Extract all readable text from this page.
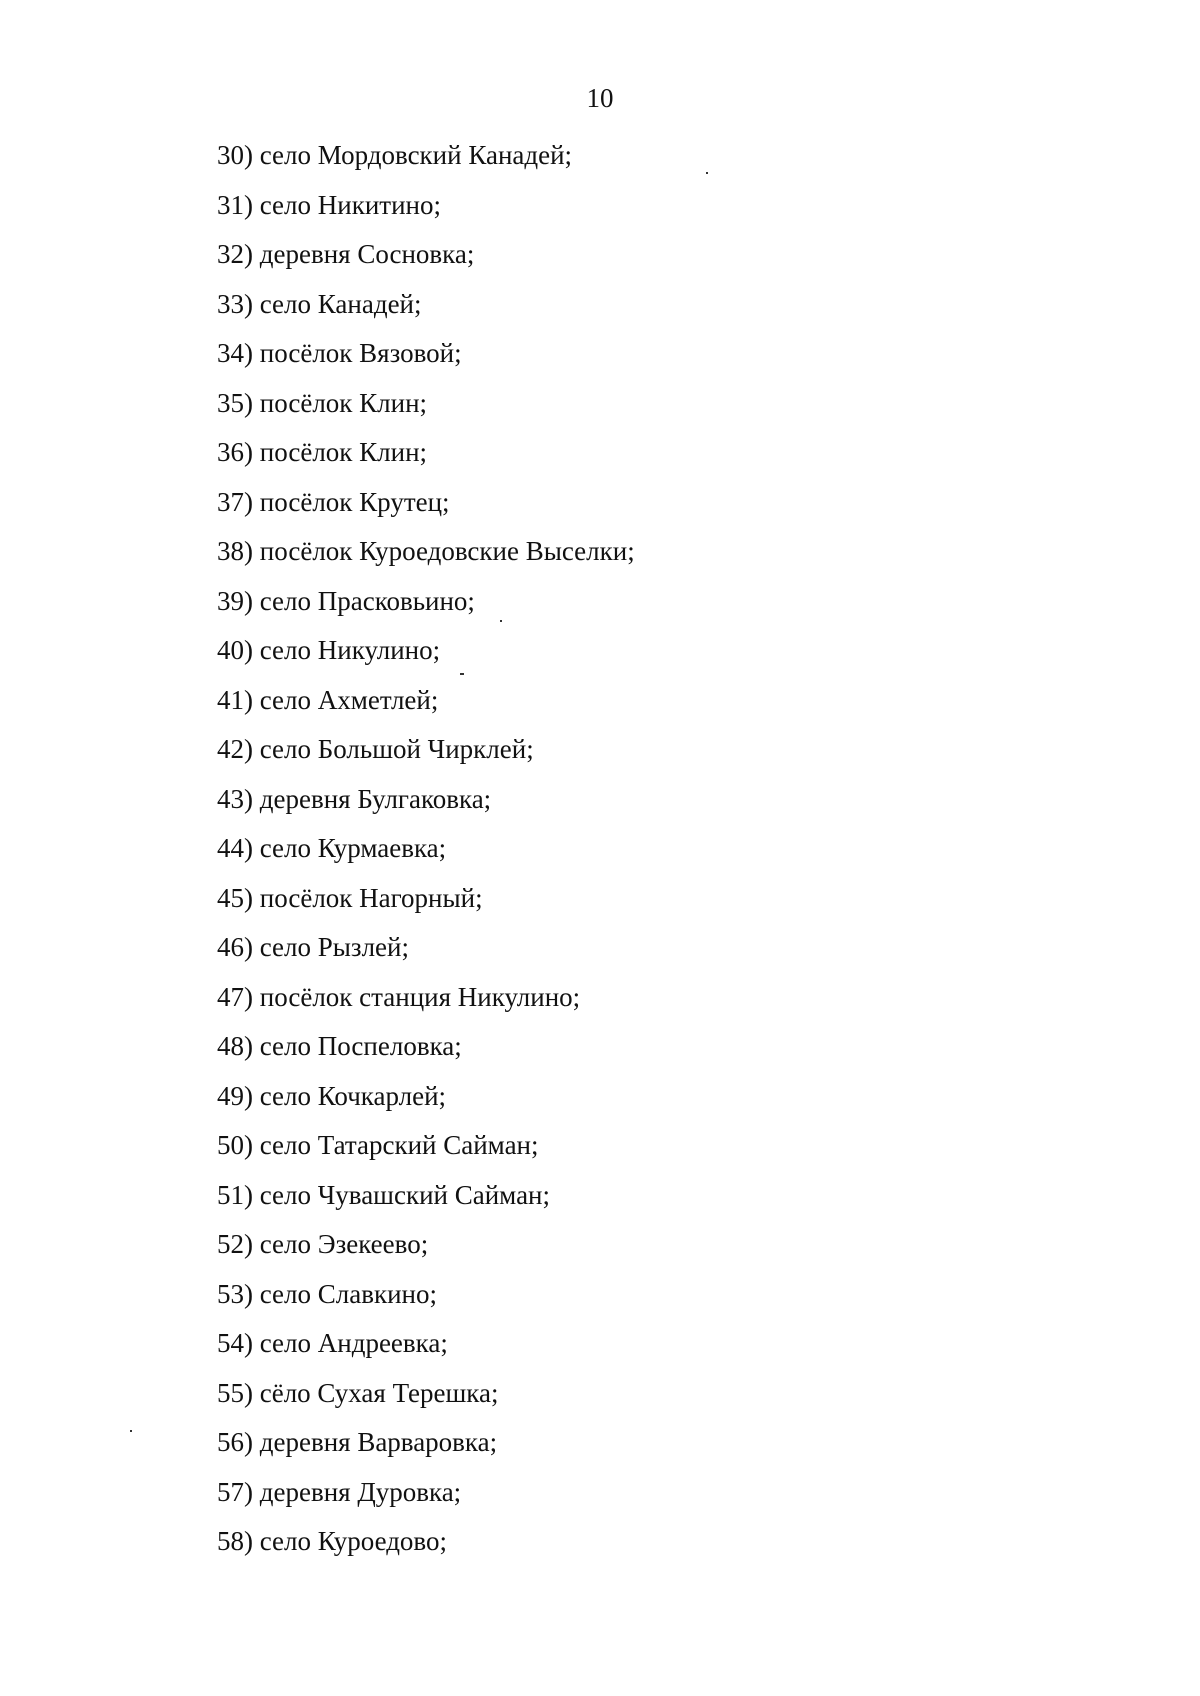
10
30) село Мордовский Канадей;
31) село Никитино;
32) деревня Сосновка;
33) село Канадей;
34) посёлок Вязовой;
35) посёлок Клин;
36) посёлок Клин;
37) посёлок Крутец;
38) посёлок Куроедовские Выселки;
39) село Прасковьино;
40) село Никулино;
41) село Ахметлей;
42) село Большой Чирклей;
43) деревня Булгаковка;
44) село Курмаевка;
45) посёлок Нагорный;
46) село Рызлей;
47) посёлок станция Никулино;
48) село Поспеловка;
49) село Кочкарлей;
50) село Татарский Сайман;
51) село Чувашский Сайман;
52) село Эзекеево;
53) село Славкино;
54) село Андреевка;
55) сёло Сухая Терешка;
56) деревня Варваровка;
57) деревня Дуровка;
58) село Куроедово;
